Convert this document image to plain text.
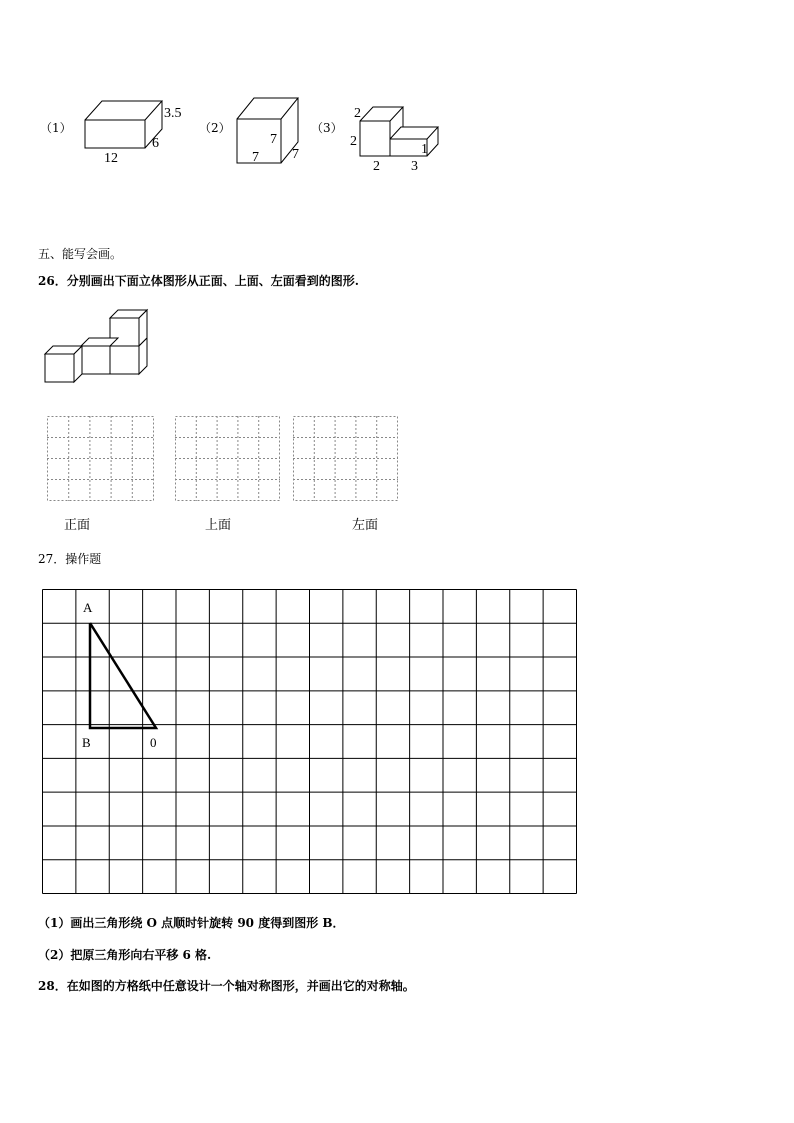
（1）
3.5
6
12
（2）
7
7 7
（3）
2
2
1
2 3
五、能写会画。
26．分别画出下面立体图形从正面、上面、左面看到的图形.
正面	上面	左面
27．操作题
A
B	0
（1）画出三角形绕 O 点顺时针旋转 90 度得到图形 B．
（2）把原三角形向右平移 6 格.
28．在如图的方格纸中任意设计一个轴对称图形，并画出它的对称轴。
